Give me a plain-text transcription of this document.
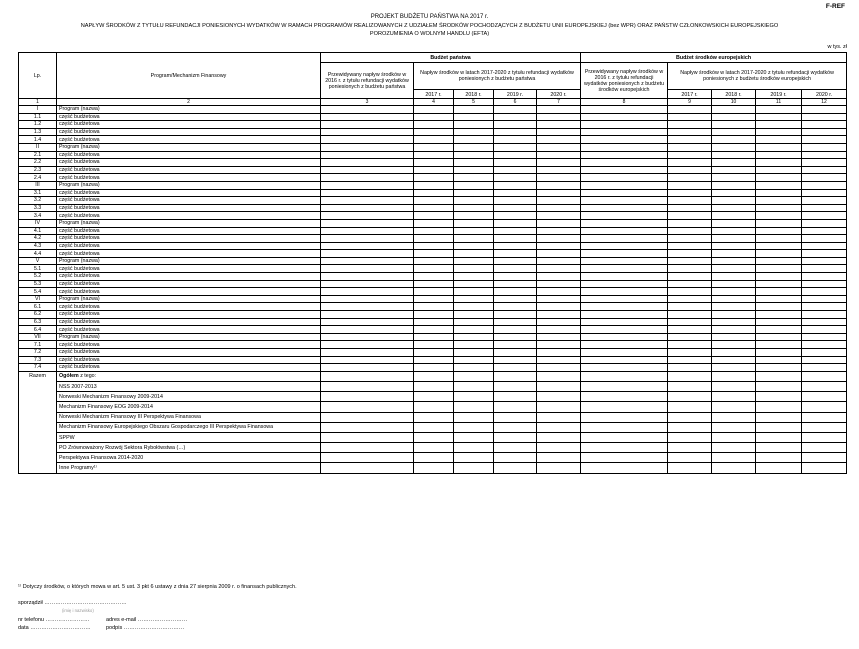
F-REF
PROJEKT BUDŻETU PAŃSTWA NA 2017 r.
NAPŁYW ŚRODKÓW Z TYTUŁU REFUNDACJI PONIESIONYCH WYDATKÓW W RAMACH PROGRAMÓW REALIZOWANYCH Z UDZIAŁEM ŚRODKÓW POCHODZĄCYCH Z BUDŻETU UNII EUROPEJSKIEJ (bez WPR) ORAZ PAŃSTW CZŁONKOWSKICH EUROPEJSKIEGO
POROZUMIENIA O WOLNYM HANDLU (EFTA)
w tys. zł
Lp.	Program/Mechanizm Finansowy	Budżet państwa					Budżet środków europejskich				
		Przewidywany napływ środków w 2016 r. z tytułu refundacji wydatków poniesionych z budżetu państwa	Napływ środków w latach 2017-2020 z tytułu refundacji wydatków poniesionych z budżetu państwa				Przewidywany napływ środków w 2016 r. z tytułu refundacji wydatków poniesionych z budżetu środków europejskich	Napływ środków w latach 2017-2020 z tytułu refundacji wydatków poniesionych z budżetu środków europejskich			
			2017 r.	2018 r.	2019 r.	2020 r.		2017 r.	2018 r.	2019 r.	2020 r.
1	2	3	4	5	6	7	8	9	10	11	12
I	Program (nazwa)										
1.1	część budżetowa										
1.2	część budżetowa										
1.3	część budżetowa										
1.4	część budżetowa										
II	Program (nazwa)										
2.1	część budżetowa										
2.2	część budżetowa										
2.3	część budżetowa										
2.4	część budżetowa										
III	Program (nazwa)										
3.1	część budżetowa										
3.2	część budżetowa										
3.3	część budżetowa										
3.4	część budżetowa										
IV	Program (nazwa)										
4.1	część budżetowa										
4.2	część budżetowa										
4.3	część budżetowa										
4.4	część budżetowa										
V	Program (nazwa)										
5.1	część budżetowa										
5.2	część budżetowa										
5.3	część budżetowa										
5.4	część budżetowa										
VI	Program (nazwa)										
6.1	część budżetowa										
6.2	część budżetowa										
6.3	część budżetowa										
6.4	część budżetowa										
VII	Program (nazwa)										
7.1	część budżetowa										
7.2	część budżetowa										
7.3	część budżetowa										
7.4	część budżetowa										
Razem	Ogółem z tego:										
	NSS 2007-2013										
	Norweski Mechanizm Finansowy 2009-2014										
	Mechanizm Finansowy EOG 2009-2014										
	Norweski Mechanizm Finansowy III Perspektywa Finansowa										
	Mechanizm Finansowy Europejskiego Obszaru Gospodarczego III Perspektywa Finansowa										
	SPPW										
	PO Zrównoważony Rozwój Sektora Rybołówstwa (…)										
	Perspektywa Finansowa 2014-2020										
	Inne Programy¹⁾										
¹⁾ Dotyczy środków, o których mowa w art. 5 ust. 3 pkt 6 ustawy z dnia 27 sierpnia 2009 r. o finansach publicznych.
sporządził ………………………………………
(imię i nazwisko)
nr telefonu ……………………	adres e-mail ………………………
data ……………………………	podpis ……………………………
